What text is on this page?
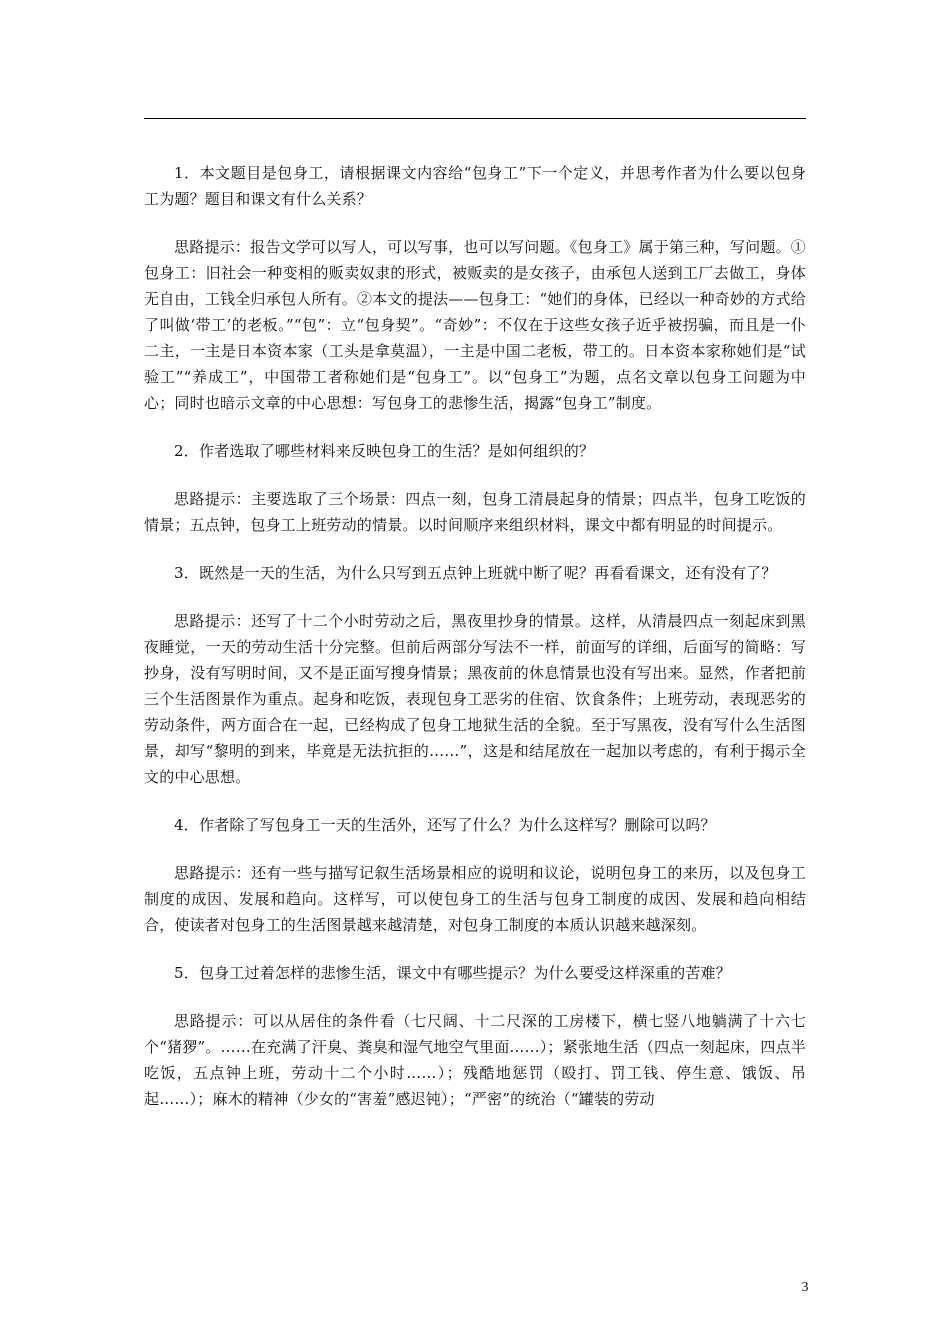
1．本文题目是包身工，请根据课文内容给“包身工”下一个定义，并思考作者为什么要以包身工为题？题目和课文有什么关系？

思路提示：报告文学可以写人，可以写事，也可以写问题。《包身工》属于第三种，写问题。①包身工：旧社会一种变相的贩卖奴隶的形式，被贩卖的是女孩子，由承包人送到工厂去做工，身体无自由，工钱全归承包人所有。②本文的提法——包身工：“她们的身体，已经以一种奇妙的方式给了叫做‘带工’的老板。”“包”：立“包身契”。“奇妙”：不仅在于这些女孩子近乎被拐骗，而且是一仆二主，一主是日本资本家（工头是拿莫温），一主是中国二老板，带工的。日本资本家称她们是“试验工”“养成工”，中国带工者称她们是“包身工”。以“包身工”为题，点名文章以包身工问题为中心；同时也暗示文章的中心思想：写包身工的悲惨生活，揭露“包身工”制度。

2．作者选取了哪些材料来反映包身工的生活？是如何组织的？

思路提示：主要选取了三个场景：四点一刻，包身工清晨起身的情景；四点半，包身工吃饭的情景；五点钟，包身工上班劳动的情景。以时间顺序来组织材料，课文中都有明显的时间提示。

3．既然是一天的生活，为什么只写到五点钟上班就中断了呢？再看看课文，还有没有了？

思路提示：还写了十二个小时劳动之后，黑夜里抄身的情景。这样，从清晨四点一刻起床到黑夜睡觉，一天的劳动生活十分完整。但前后两部分写法不一样，前面写的详细，后面写的简略：写抄身，没有写明时间，又不是正面写搜身情景；黑夜前的休息情景也没有写出来。显然，作者把前三个生活图景作为重点。起身和吃饭，表现包身工恶劣的住宿、饮食条件；上班劳动，表现恶劣的劳动条件，两方面合在一起，已经构成了包身工地狱生活的全貌。至于写黑夜，没有写什么生活图景，却写“黎明的到来，毕竟是无法抗拒的……”，这是和结尾放在一起加以考虑的，有利于揭示全文的中心思想。

4．作者除了写包身工一天的生活外，还写了什么？为什么这样写？删除可以吗？

思路提示：还有一些与描写记叙生活场景相应的说明和议论，说明包身工的来历，以及包身工制度的成因、发展和趋向。这样写，可以使包身工的生活与包身工制度的成因、发展和趋向相结合，使读者对包身工的生活图景越来越清楚，对包身工制度的本质认识越来越深刻。

5．包身工过着怎样的悲惨生活，课文中有哪些提示？为什么要受这样深重的苦难？

思路提示：可以从居住的条件看（七尺阔、十二尺深的工房楼下，横七竖八地躺满了十六七个“猪猡”。……在充满了汗臭、粪臭和湿气地空气里面……）；紧张地生活（四点一刻起床，四点半吃饭，五点钟上班，劳动十二个小时……）；残酷地惩罚（殴打、罚工钱、停生意、饿饭、吊起……）；麻木的精神（少女的“害羞”感迟钝）；“严密”的统治（“罐装的劳动

3
